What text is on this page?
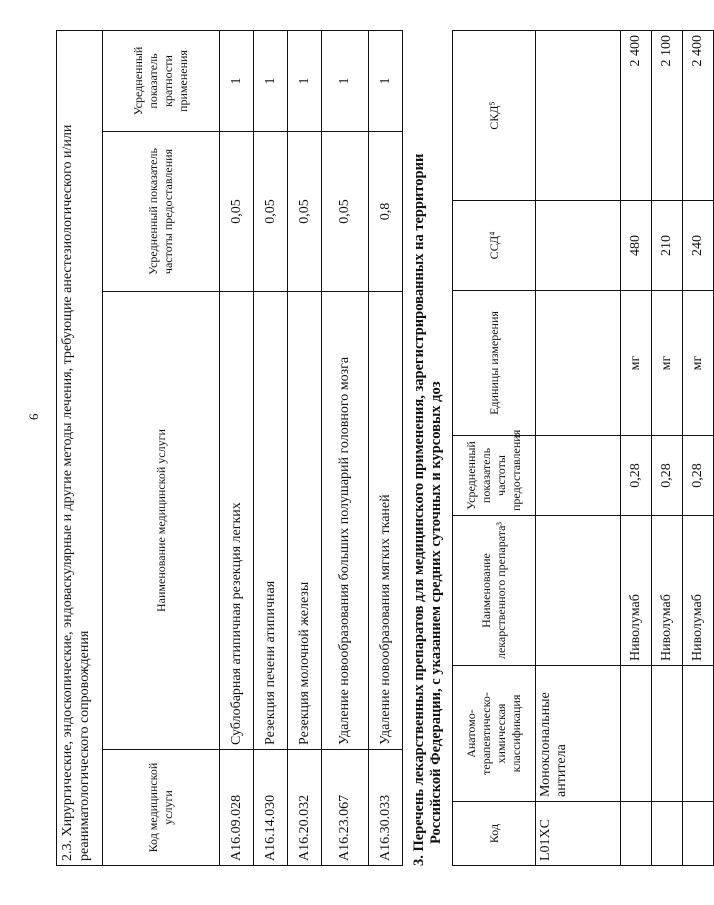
6 2.3. Хирургические, эндоскопические, эндоваскулярные и другие методы лечения, требующие анестезиологического и/или реаниматологического сопровождения			
Код медицинской услуги	Наименование медицинской услуги	Усредненный показатель частоты предоставления	Усредненный показатель кратности применения
A16.09.028	Сублобарная атипичная резекция легких	0,05	1
A16.14.030	Резекция печени атипичная	0,05	1
A16.20.032	Резекция молочной железы	0,05	1
A16.23.067	Удаление новообразования больших полушарий головного мозга	0,05	1
A16.30.033	Удаление новообразования мягких тканей	0,8	1
3. Перечень лекарственных препаратов для медицинского применения, зарегистрированных на территории Российской Федерации, с указанием средних суточных и курсовых доз	Код	Анатомо-терапевтическо-химическая классификация	Наименование лекарственного препарата³	Усредненный показатель частоты предоставления	Единицы измерения	ССД⁴	СКД⁵
L01XC	Моноклональные антитела					
		Ниволумаб	0,28	мг	480	2 400
		Ниволумаб	0,28	мг	210	2 100
		Ниволумаб	0,28	мг	240	2 400
